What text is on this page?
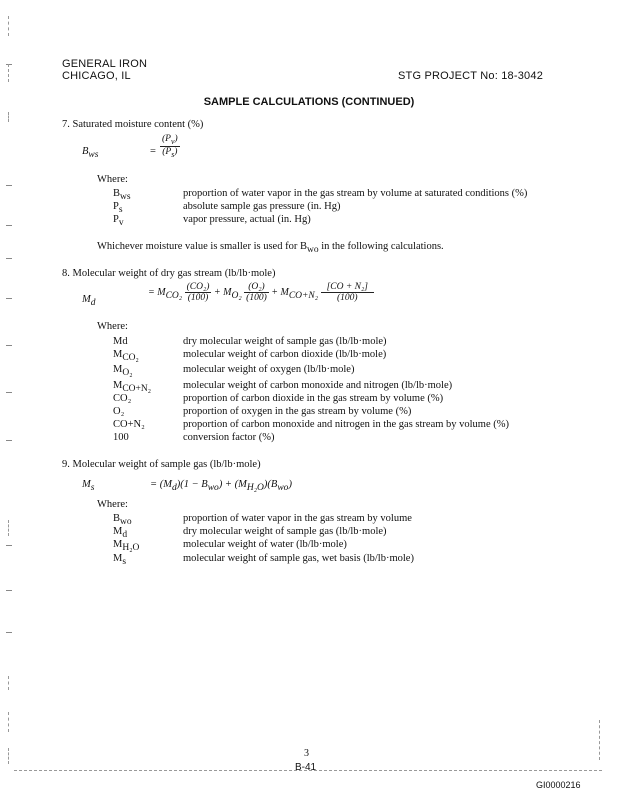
GENERAL IRON
CHICAGO, IL	STG PROJECT No: 18-3042
SAMPLE CALCULATIONS (CONTINUED)
7. Saturated moisture content (%)
$B_{ws}$	= $\frac{(P_v)}{(P_s)}$
Where:
$B_{ws}$	proportion of water vapor in the gas stream by volume at saturated conditions (%)
$P_s$	absolute sample gas pressure (in. Hg)
$P_v$	vapor pressure, actual (in. Hg)
Whichever moisture value is smaller is used for $B_{wo}$ in the following calculations.
8. Molecular weight of dry gas stream (lb/lb·mole)
$M_d$
= $M_{CO_2} \frac{\text{(CO₂)}}{(100)} + M_{O_2} \frac{\text{(O₂)}}{(100)} + M_{CO+N_2} \frac{\text{[CO + N₂]}}{(100)}$
Where:
Md	dry molecular weight of sample gas (lb/lb·mole)
$M_{CO_2}$	molecular weight of carbon dioxide (lb/lb·mole)
$M_{O_2}$	molecular weight of oxygen (lb/lb·mole)
$M_{CO+N_2}$	molecular weight of carbon monoxide and nitrogen (lb/lb·mole)
CO₂	proportion of carbon dioxide in the gas stream by volume (%)
O₂	proportion of oxygen in the gas stream by volume (%)
CO+N₂	proportion of carbon monoxide and nitrogen in the gas stream by volume (%)
100	conversion factor (%)
9. Molecular weight of sample gas (lb/lb·mole)
$M_s$	= $(M_d)(1 - B_{wo}) + (M_{H_2O})(B_{wo})$
Where:
$B_{wo}$	proportion of water vapor in the gas stream by volume
$M_d$	dry molecular weight of sample gas (lb/lb·mole)
$M_{H_2O}$	molecular weight of water (lb/lb·mole)
$M_s$	molecular weight of sample gas, wet basis (lb/lb·mole)
3
B-41
GI0000216
